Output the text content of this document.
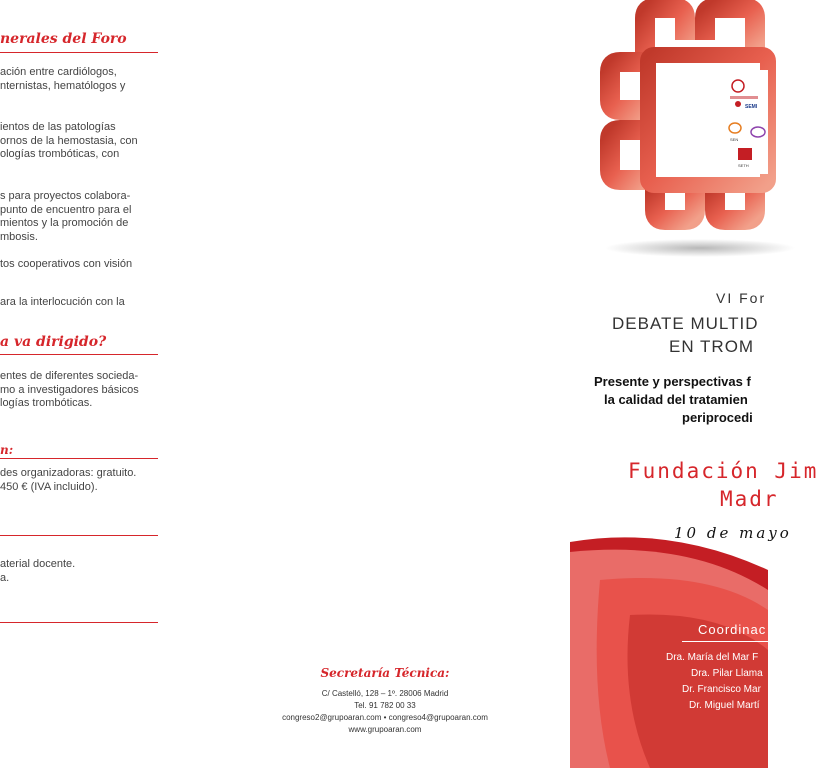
nerales del Foro
ación entre cardiólogos,
nternistas, hematólogos y
ientos de las patologías
ornos de la hemostasia, con
ologías trombóticas, con
s para proyectos colabora-
punto de encuentro para el
mientos y la promoción de
mbosis.
tos cooperativos con visión
ara la interlocución con la
a va dirigido?
entes de diferentes socieda-
mo a investigadores básicos
logías trombóticas.
n:
des organizadoras: gratuito.
450 € (IVA incluido).
aterial docente.
a.
Secretaría Técnica:
C/ Castelló, 128 – 1º. 28006 Madrid
Tel. 91 782 00 33
congreso2@grupoaran.com • congreso4@grupoaran.com
www.grupoaran.com
SEMI
SEN
SETH
VI For
DEBATE MULTID
EN TROM
Presente y perspectivas f
la calidad del tratamien
periprocedi
Fundación Jim
Madr
10 de mayo
Coordinac
Dra. María del Mar F
Dra. Pilar Llama
Dr. Francisco Mar
Dr. Miguel Martí
